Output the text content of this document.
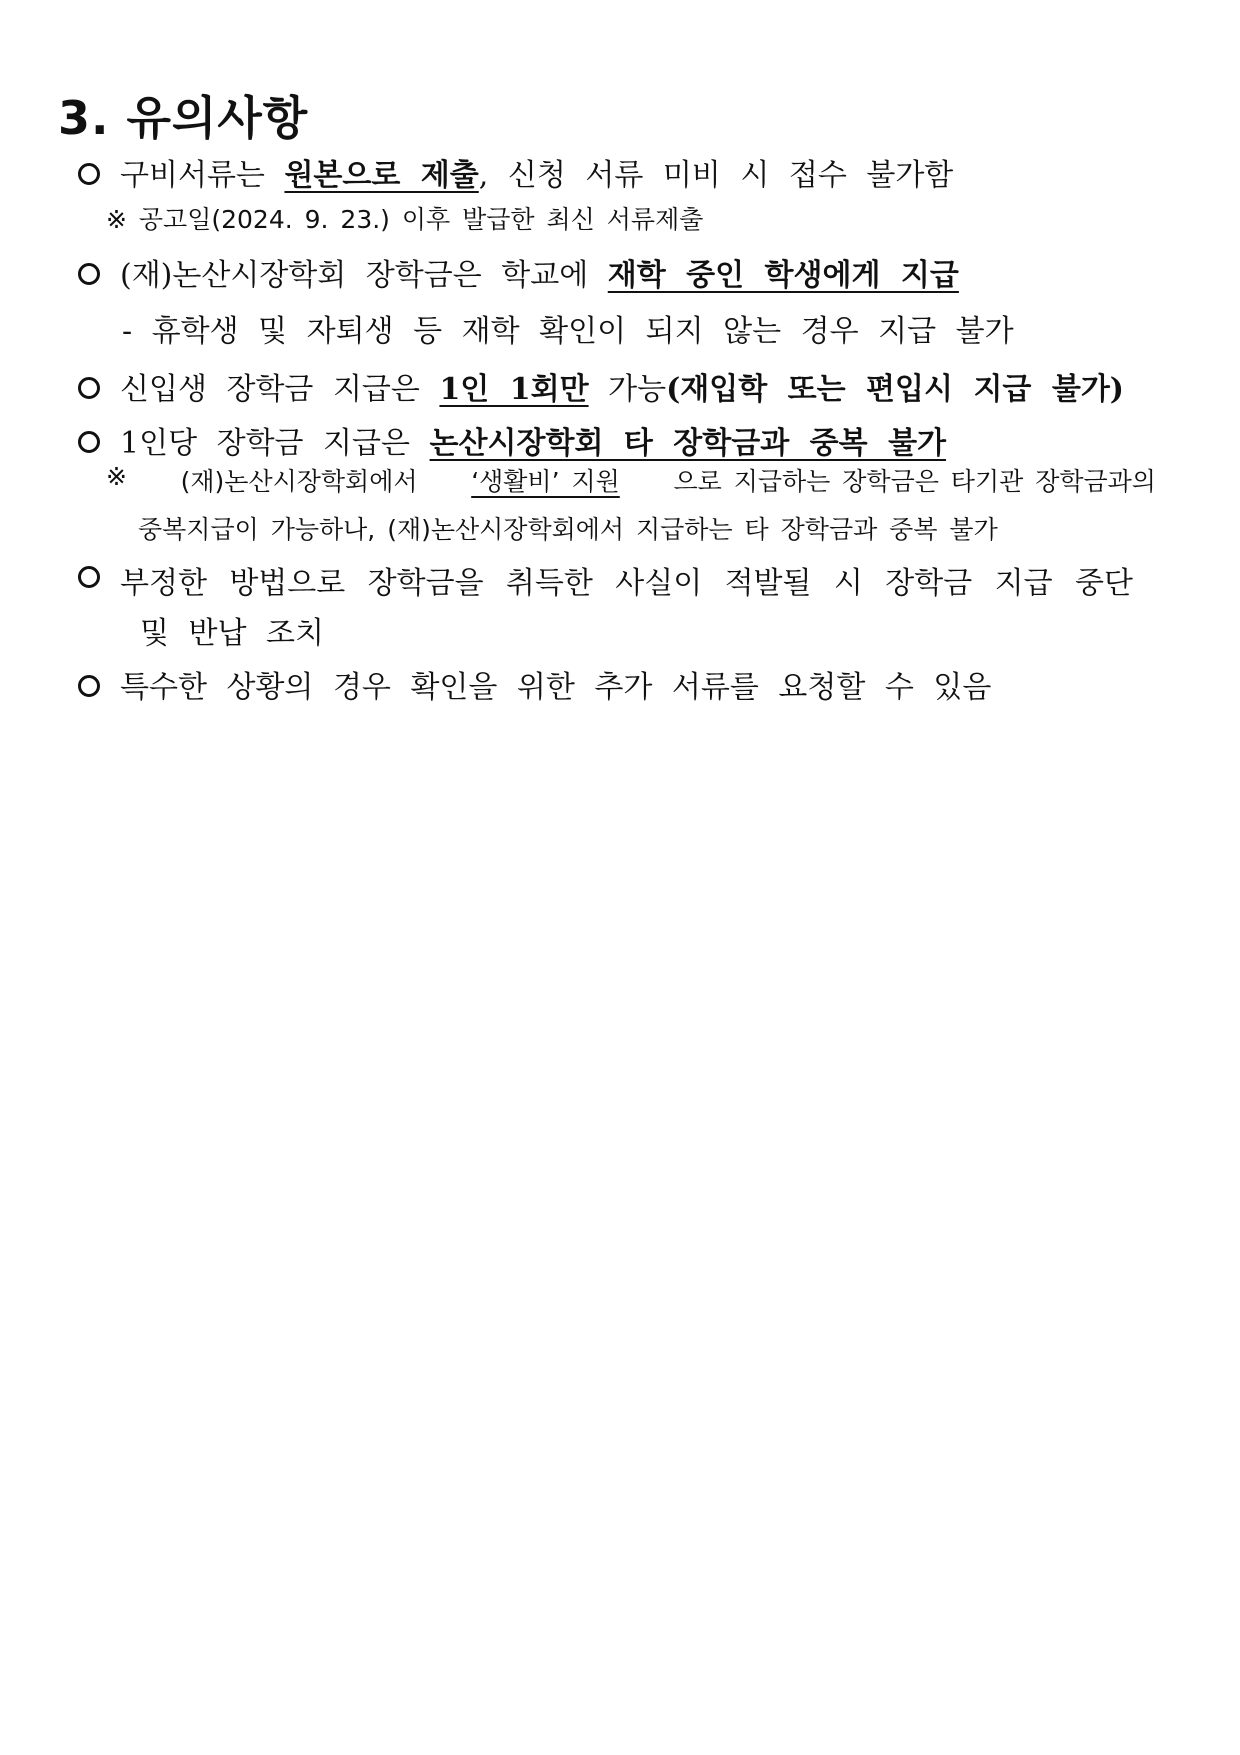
3. 유의사항
구비서류는 원본으로 제출, 신청 서류 미비 시 접수 불가함
※ 공고일(2024. 9. 23.) 이후 발급한 최신 서류제출
(재)논산시장학회 장학금은 학교에 재학 중인 학생에게 지급
- 휴학생 및 자퇴생 등 재학 확인이 되지 않는 경우 지급 불가
신입생 장학금 지급은 1인 1회만 가능(재입학 또는 편입시 지급 불가)
1인당 장학금 지급은 논산시장학회 타 장학금과 중복 불가
※ (재)논산시장학회에서 ‘생활비’ 지원 으로 지급하는 장학금은 타기관 장학금과의
중복지급이 가능하나, (재)논산시장학회에서 지급하는 타 장학금과 중복 불가
부정한 방법으로 장학금을 취득한 사실이 적발될 시 장학금 지급 중단
및 반납 조치
특수한 상황의 경우 확인을 위한 추가 서류를 요청할 수 있음
